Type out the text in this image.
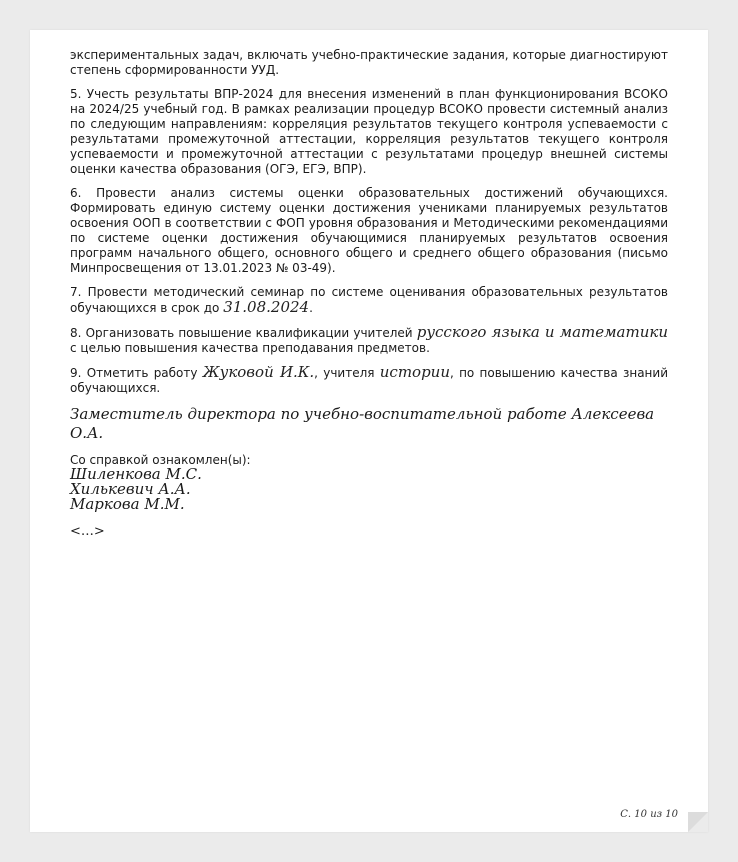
экспериментальных задач, включать учебно-практические задания, которые диагностируют степень сформированности УУД.

5. Учесть результаты ВПР-2024 для внесения изменений в план функционирования ВСОКО на 2024/25 учебный год. В рамках реализации процедур ВСОКО провести системный анализ по следующим направлениям: корреляция результатов текущего контроля успеваемости с результатами промежуточной аттестации, корреляция результатов текущего контроля успеваемости и промежуточной аттестации с результатами процедур внешней системы оценки качества образования (ОГЭ, ЕГЭ, ВПР).

6. Провести анализ системы оценки образовательных достижений обучающихся. Формировать единую систему оценки достижения учениками планируемых результатов освоения ООП в соответствии с ФОП уровня образования и Методическими рекомендациями по системе оценки достижения обучающимися планируемых результатов освоения программ начального общего, основного общего и среднего общего образования (письмо Минпросвещения от 13.01.2023 № 03-49).

7. Провести методический семинар по системе оценивания образовательных результатов обучающихся в срок до 31.08.2024.

8. Организовать повышение квалификации учителей русского языка и математики с целью повышения качества преподавания предметов.

9. Отметить работу Жуковой И.К., учителя истории, по повышению качества знаний обучающихся.

Заместитель директора по учебно-воспитательной работе Алексеева О.А.
Со справкой ознакомлен(ы):
Шиленкова М.С.
Хилькевич А.А.
Маркова М.М.
<…>
С. 10 из 10
